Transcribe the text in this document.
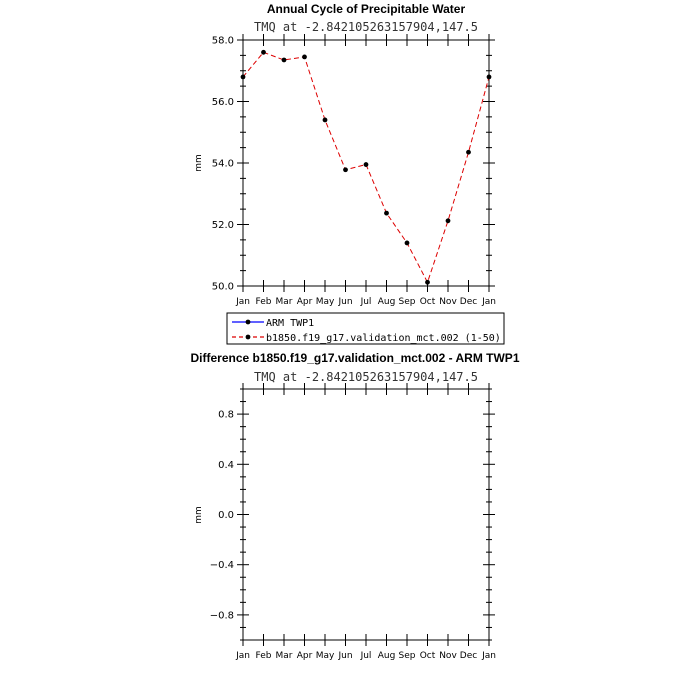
Annual Cycle of Precipitable Water
TMQ at -2.842105263157904,147.5
mm
Jan Feb Mar Apr May Jun Jul Aug Sep Oct Nov Dec Jan
50.0
52.0
54.0
56.0
58.0
ARM TWP1
b1850.f19_g17.validation_mct.002 (1-50)
Difference b1850.f19_g17.validation_mct.002 - ARM TWP1
TMQ at -2.842105263157904,147.5
mm
Jan Feb Mar Apr May Jun Jul Aug Sep Oct Nov Dec Jan
−0.8
−0.4
0.0
0.4
0.8
